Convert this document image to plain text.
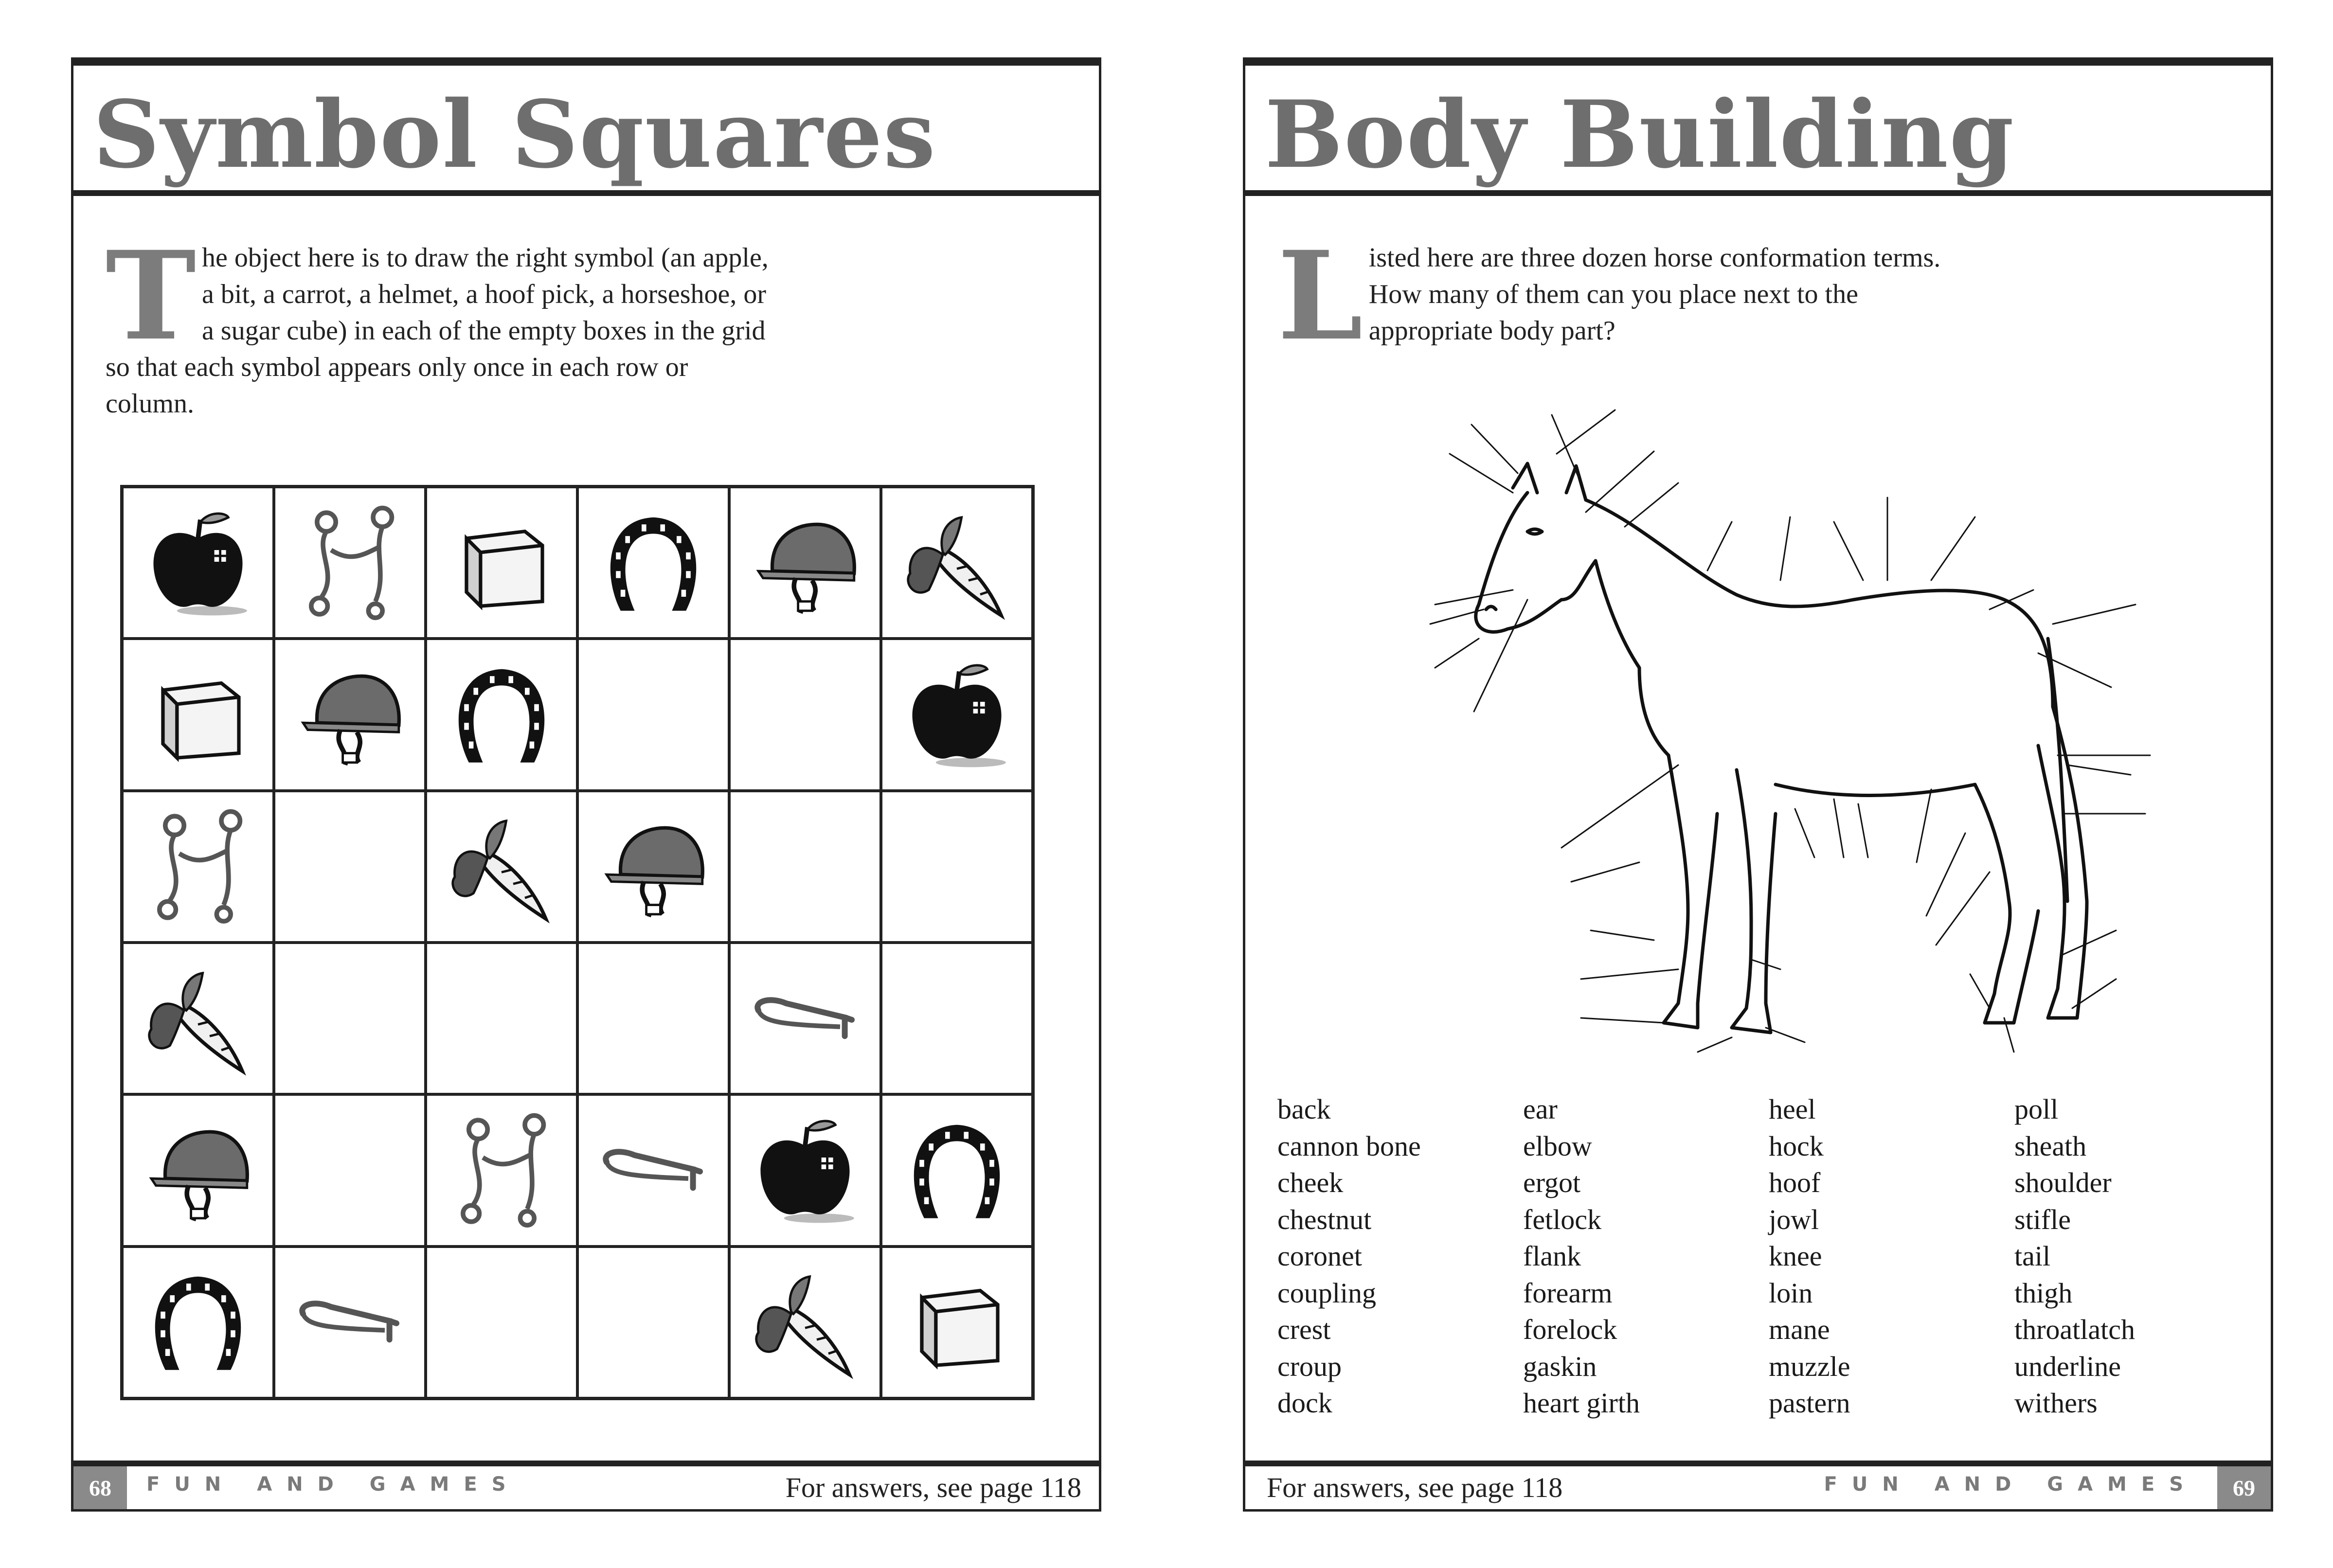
Symbol Squares
The object here is to draw the right symbol (an apple, a bit, a carrot, a helmet, a hoof pick, a horseshoe, or a sugar cube) in each of the empty boxes in the grid so that each symbol appears only once in each row or column.
68	FUN AND GAMES	For answers, see page 118
Body Building
Listed here are three dozen horse conformation terms. How many of them can you place next to the appropriate body part?
back
cannon bone
cheek
chestnut
coronet
coupling
crest
croup
dock
ear
elbow
ergot
fetlock
flank
forearm
forelock
gaskin
heart girth
heel
hock
hoof
jowl
knee
loin
mane
muzzle
pastern
poll
sheath
shoulder
stifle
tail
thigh
throatlatch
underline
withers
For answers, see page 118	FUN AND GAMES	69
